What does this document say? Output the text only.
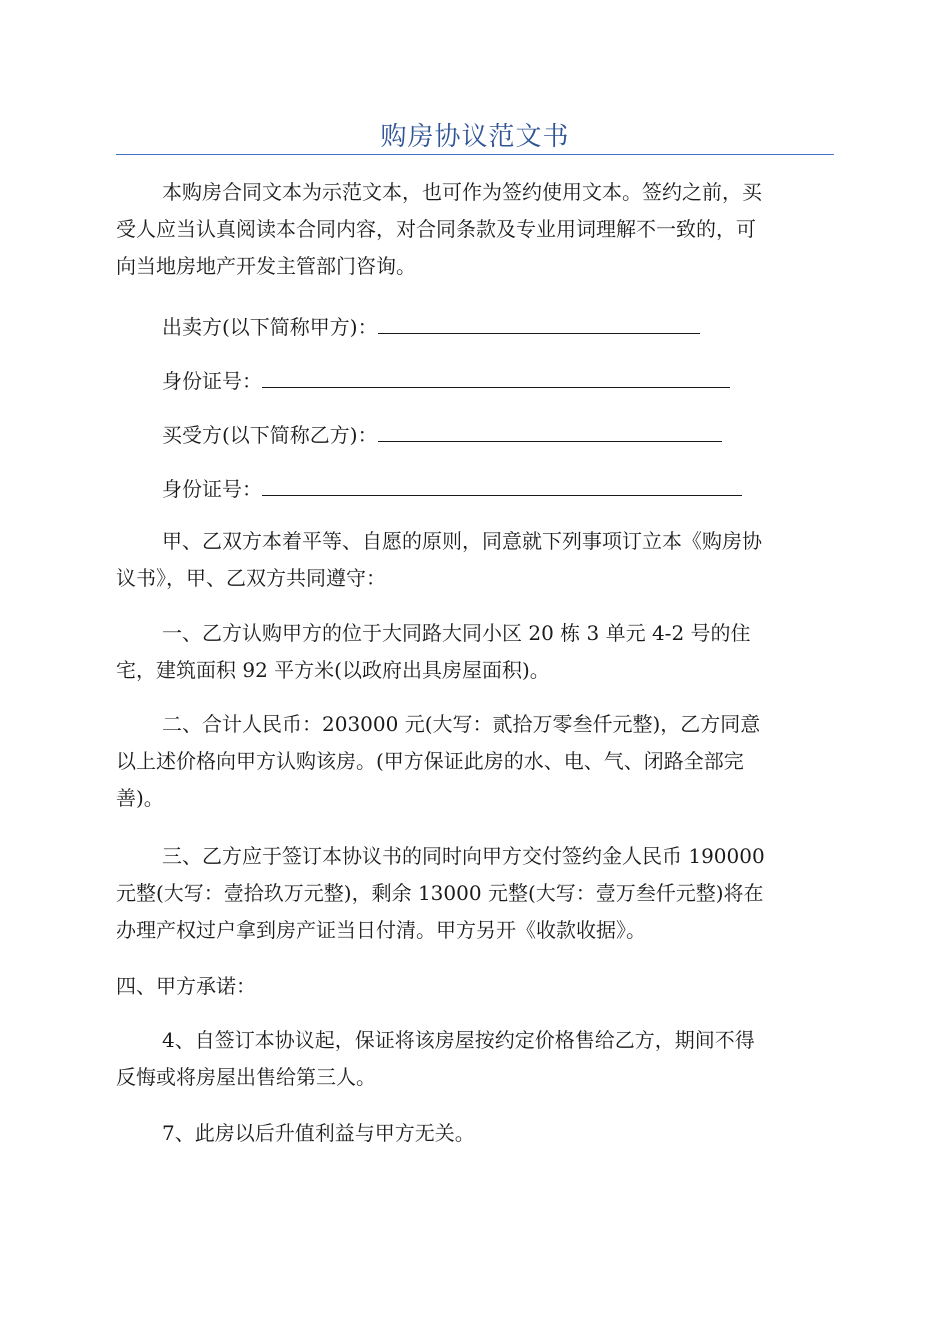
购房协议范文书

本购房合同文本为示范文本，也可作为签约使用文本。签约之前，买
受人应当认真阅读本合同内容，对合同条款及专业用词理解不一致的，可
向当地房地产开发主管部门咨询。

出卖方(以下简称甲方)：
身份证号：
买受方(以下简称乙方)：
身份证号：

甲、乙双方本着平等、自愿的原则，同意就下列事项订立本《购房协
议书》，甲、乙双方共同遵守：

一、乙方认购甲方的位于大同路大同小区 20 栋 3 单元 4-2 号的住
宅，建筑面积 92 平方米(以政府出具房屋面积)。

二、合计人民币：203000 元(大写：贰拾万零叁仟元整)，乙方同意
以上述价格向甲方认购该房。(甲方保证此房的水、电、气、闭路全部完
善)。

三、乙方应于签订本协议书的同时向甲方交付签约金人民币 190000
元整(大写：壹拾玖万元整)，剩余 13000 元整(大写：壹万叁仟元整)将在
办理产权过户拿到房产证当日付清。甲方另开《收款收据》。

四、甲方承诺：

4、自签订本协议起，保证将该房屋按约定价格售给乙方，期间不得
反悔或将房屋出售给第三人。

7、此房以后升值利益与甲方无关。
